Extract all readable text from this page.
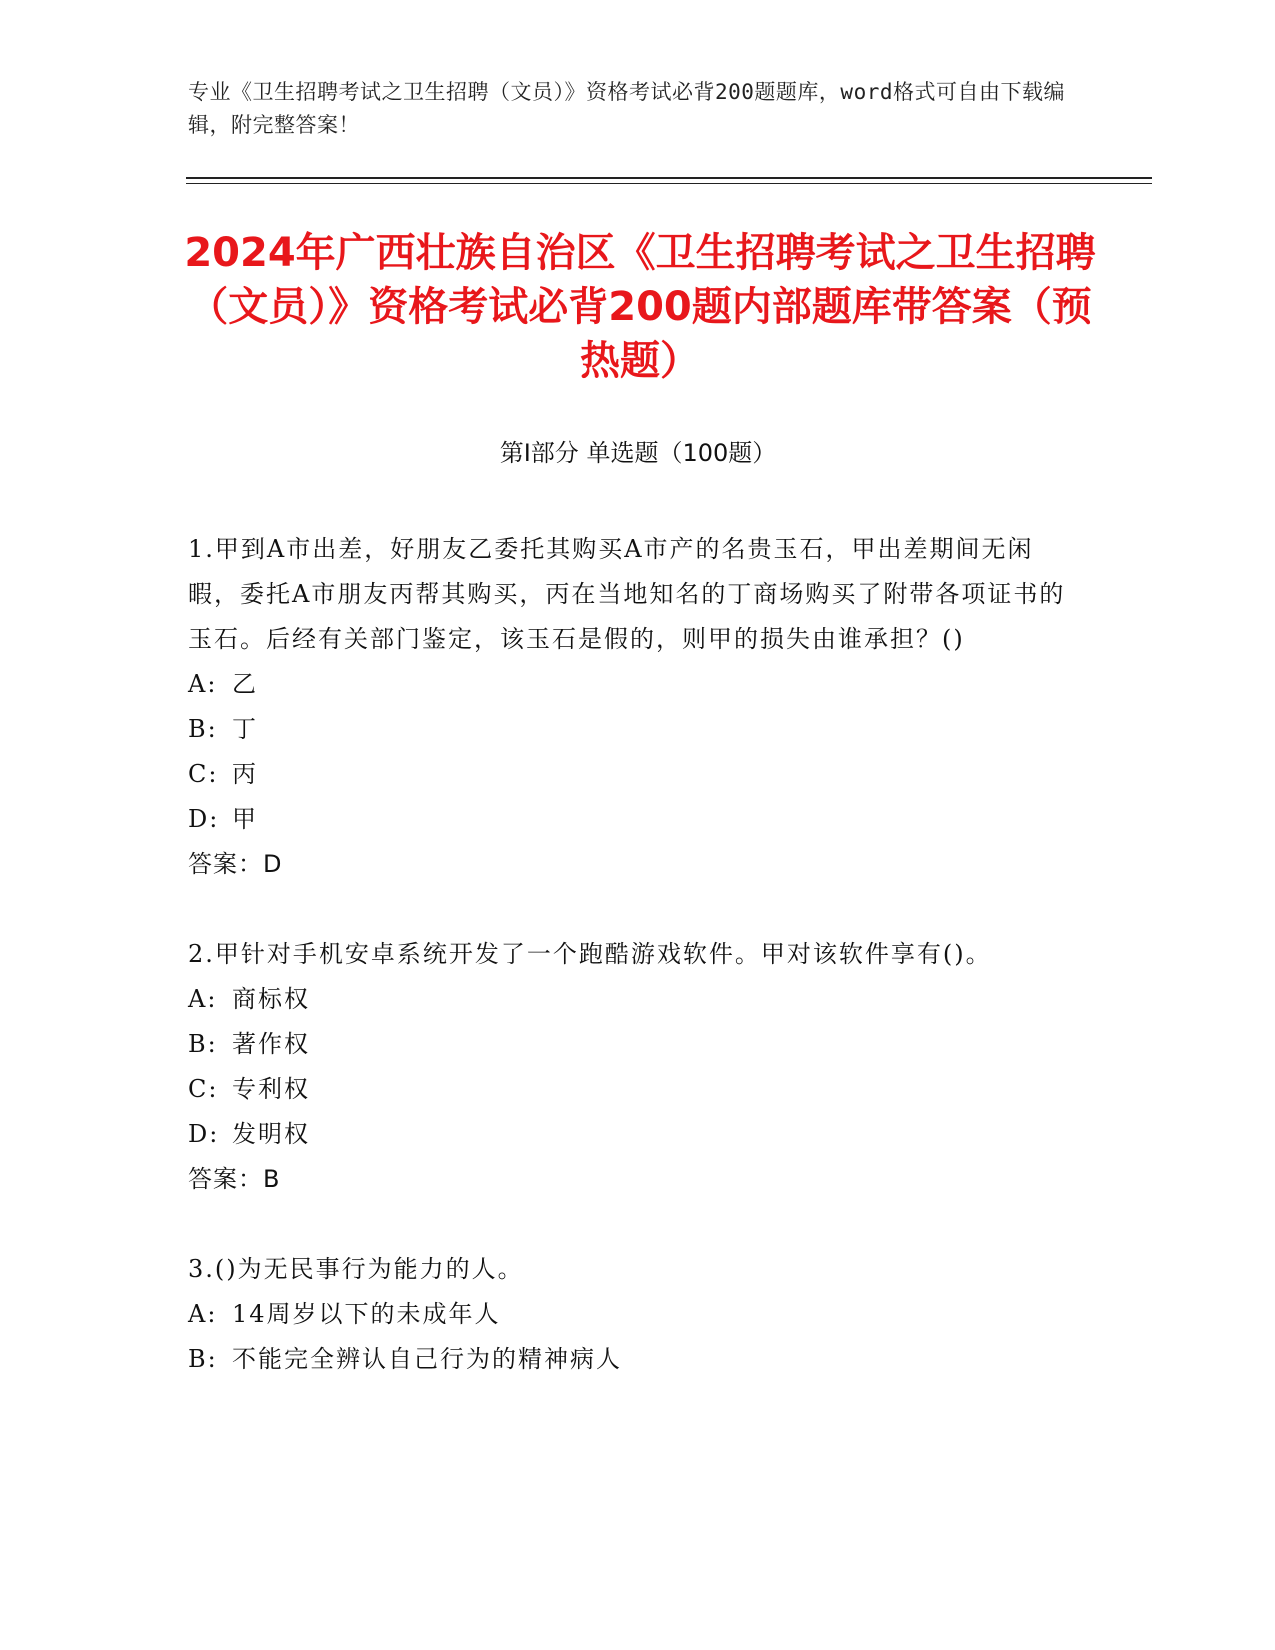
专业《卫生招聘考试之卫生招聘（文员）》资格考试必背200题题库，word格式可自由下载编辑，附完整答案！
2024年广西壮族自治区《卫生招聘考试之卫生招聘（文员）》资格考试必背200题内部题库带答案（预热题）
第Ⅰ部分 单选题（100题）

1.甲到A市出差，好朋友乙委托其购买A市产的名贵玉石，甲出差期间无闲暇，委托A市朋友丙帮其购买，丙在当地知名的丁商场购买了附带各项证书的玉石。后经有关部门鉴定，该玉石是假的，则甲的损失由谁承担？()

A: 乙

B: 丁

C: 丙

D: 甲

答案：D

2.甲针对手机安卓系统开发了一个跑酷游戏软件。甲对该软件享有()。

A: 商标权

B: 著作权

C: 专利权

D: 发明权

答案：B

3.()为无民事行为能力的人。

A: 14周岁以下的未成年人

B: 不能完全辨认自己行为的精神病人
